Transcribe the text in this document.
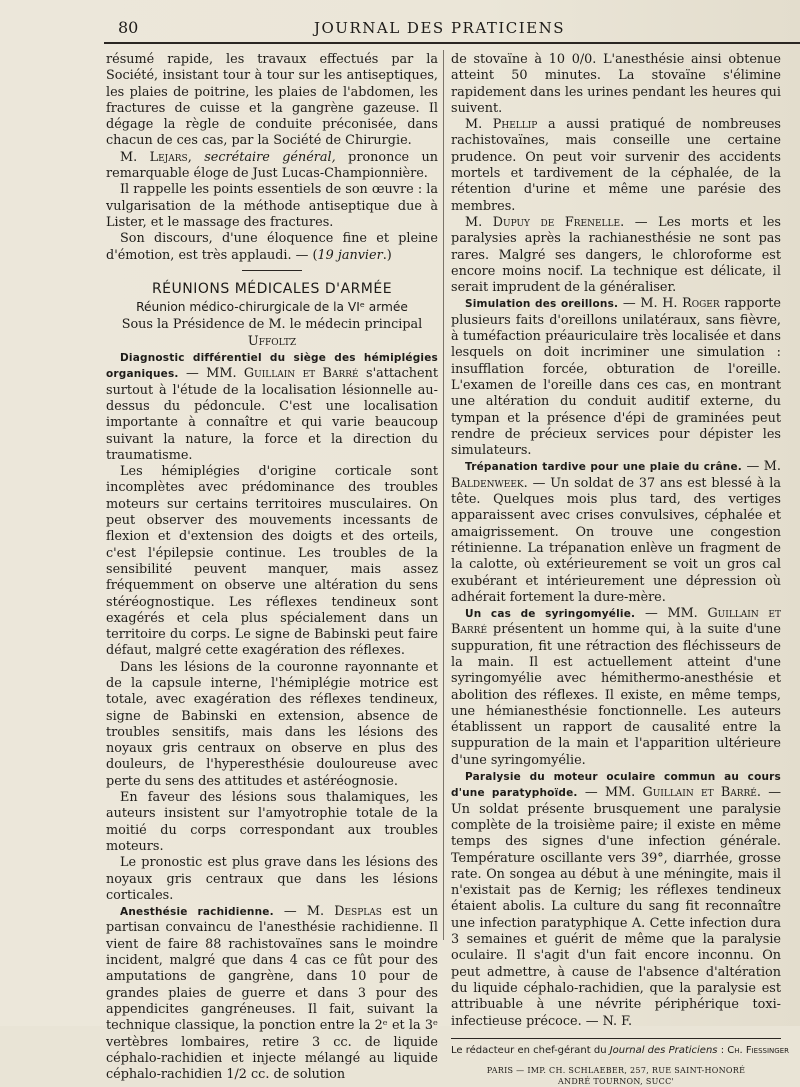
80	JOURNAL DES PRATICIENS

résumé rapide, les travaux effectués par la Société, insistant tour à tour sur les antiseptiques, les plaies de poitrine, les plaies de l'abdomen, les fractures de cuisse et la gangrène gazeuse. Il dégage la règle de conduite préconisée, dans chacun de ces cas, par la Société de Chirurgie.

M. Lejars, secrétaire général, prononce un remarquable éloge de Just Lucas-Championnière.

Il rappelle les points essentiels de son œuvre : la vulgarisation de la méthode antiseptique due à Lister, et le massage des fractures.

Son discours, d'une éloquence fine et pleine d'émotion, est très applaudi. — (19 janvier.)

RÉUNIONS MÉDICALES D'ARMÉE
Réunion médico-chirurgicale de la VIᵉ armée

Sous la Présidence de M. le médecin principal Uffoltz

Diagnostic différentiel du siège des hémiplégies organiques. — MM. Guillain et Barré s'attachent surtout à l'étude de la localisation lésionnelle au-dessus du pédoncule. C'est une localisation importante à connaître et qui varie beaucoup suivant la nature, la force et la direction du traumatisme.

Les hémiplégies d'origine corticale sont incomplètes avec prédominance des troubles moteurs sur certains territoires musculaires. On peut observer des mouvements incessants de flexion et d'extension des doigts et des orteils, c'est l'épilepsie continue. Les troubles de la sensibilité peuvent manquer, mais assez fréquemment on observe une altération du sens stéréognostique. Les réflexes tendineux sont exagérés et cela plus spécialement dans un territoire du corps. Le signe de Babinski peut faire défaut, malgré cette exagération des réflexes.

Dans les lésions de la couronne rayonnante et de la capsule interne, l'hémiplégie motrice est totale, avec exagération des réflexes tendineux, signe de Babinski en extension, absence de troubles sensitifs, mais dans les lésions des noyaux gris centraux on observe en plus des douleurs, de l'hyperesthésie douloureuse avec perte du sens des attitudes et astéréognosie.

En faveur des lésions sous thalamiques, les auteurs insistent sur l'amyotrophie totale de la moitié du corps correspondant aux troubles moteurs.

Le pronostic est plus grave dans les lésions des noyaux gris centraux que dans les lésions corticales.

Anesthésie rachidienne. — M. Desplas est un partisan convaincu de l'anesthésie rachidienne. Il vient de faire 88 rachistovaïnes sans le moindre incident, malgré que dans 4 cas ce fût pour des amputations de gangrène, dans 10 pour de grandes plaies de guerre et dans 3 pour des appendicites gangréneuses. Il fait, suivant la technique classique, la ponction entre la 2ᵉ et la 3ᵉ vertèbres lombaires, retire 3 cc. de liquide céphalo-rachidien et injecte mélangé au liquide céphalo-rachidien 1/2 cc. de solution

de stovaïne à 10 0/0. L'anesthésie ainsi obtenue atteint 50 minutes. La stovaïne s'élimine rapidement dans les urines pendant les heures qui suivent.

M. Phellip a aussi pratiqué de nombreuses rachistovaïnes, mais conseille une certaine prudence. On peut voir survenir des accidents mortels et tardivement de la céphalée, de la rétention d'urine et même une parésie des membres.

M. Dupuy de Frenelle. — Les morts et les paralysies après la rachianesthésie ne sont pas rares. Malgré ses dangers, le chloroforme est encore moins nocif. La technique est délicate, il serait imprudent de la généraliser.

Simulation des oreillons. — M. H. Roger rapporte plusieurs faits d'oreillons unilatéraux, sans fièvre, à tuméfaction préauriculaire très localisée et dans lesquels on doit incriminer une simulation : insufflation forcée, obturation de l'oreille. L'examen de l'oreille dans ces cas, en montrant une altération du conduit auditif externe, du tympan et la présence d'épi de graminées peut rendre de précieux services pour dépister les simulateurs.

Trépanation tardive pour une plaie du crâne. — M. Baldenweek. — Un soldat de 37 ans est blessé à la tête. Quelques mois plus tard, des vertiges apparaissent avec crises convulsives, céphalée et amaigrissement. On trouve une congestion rétinienne. La trépanation enlève un fragment de la calotte, où extérieurement se voit un gros cal exubérant et intérieurement une dépression où adhérait fortement la dure-mère.

Un cas de syringomyélie. — MM. Guillain et Barré présentent un homme qui, à la suite d'une suppuration, fit une rétraction des fléchisseurs de la main. Il est actuellement atteint d'une syringomyélie avec hémithermo-anesthésie et abolition des réflexes. Il existe, en même temps, une hémianesthésie fonctionnelle. Les auteurs établissent un rapport de causalité entre la suppuration de la main et l'apparition ultérieure d'une syringomyélie.

Paralysie du moteur oculaire commun au cours d'une paratyphoïde. — MM. Guillain et Barré. — Un soldat présente brusquement une paralysie complète de la troisième paire; il existe en même temps des signes d'une infection générale. Température oscillante vers 39°, diarrhée, grosse rate. On songea au début à une méningite, mais il n'existait pas de Kernig; les réflexes tendineux étaient abolis. La culture du sang fit reconnaître une infection paratyphique A. Cette infection dura 3 semaines et guérit de même que la paralysie oculaire. Il s'agit d'un fait encore inconnu. On peut admettre, à cause de l'absence d'altération du liquide céphalo-rachidien, que la paralysie est attribuable à une névrite périphérique toxi-infectieuse précoce. — N. F.

Le rédacteur en chef-gérant du Journal des Praticiens : Ch. Fiessinger
PARIS — IMP. CH. SCHLAEBER, 257, RUE SAINT-HONORÉ
ANDRÉ TOURNON, SUCC'
